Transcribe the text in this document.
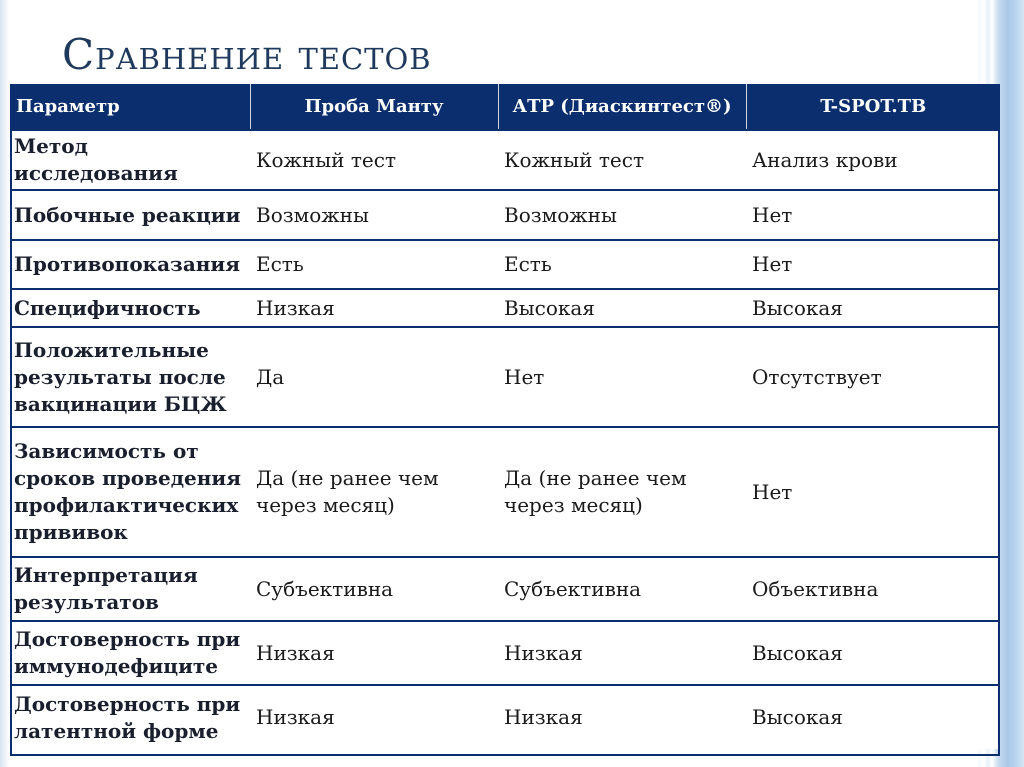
Сравнение тестов
Параметр	Проба Манту	АТР (Диаскинтест®)	T-SPOT.TB
Метод исследования	Кожный тест	Кожный тест	Анализ крови
Побочные реакции	Возможны	Возможны	Нет
Противопоказания	Есть	Есть	Нет
Специфичность	Низкая	Высокая	Высокая
Положительные результаты после вакцинации БЦЖ	Да	Нет	Отсутствует
Зависимость от сроков проведения профилактических прививок	Да (не ранее чем через месяц)	Да (не ранее чем через месяц)	Нет
Интерпретация результатов	Субъективна	Субъективна	Объективна
Достоверность при иммунодефиците	Низкая	Низкая	Высокая
Достоверность при латентной форме	Низкая	Низкая	Высокая
